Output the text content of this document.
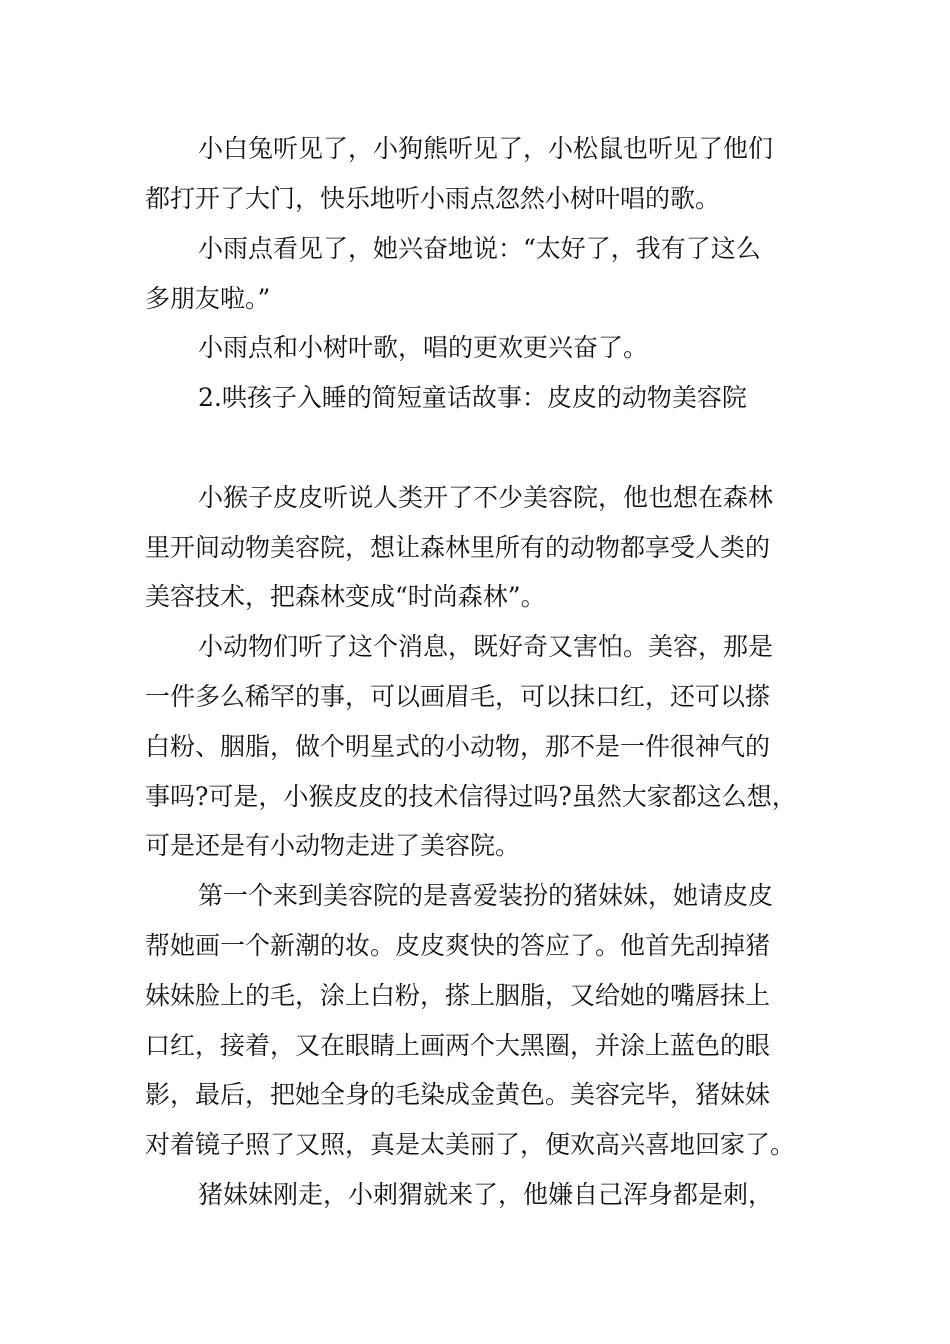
小白兔听见了，小狗熊听见了，小松鼠也听见了他们
都打开了大门，快乐地听小雨点忽然小树叶唱的歌。
小雨点看见了，她兴奋地说：“太好了，我有了这么
多朋友啦。”
小雨点和小树叶歌，唱的更欢更兴奋了。
2.哄孩子入睡的简短童话故事：皮皮的动物美容院
小猴子皮皮听说人类开了不少美容院，他也想在森林
里开间动物美容院，想让森林里所有的动物都享受人类的
美容技术，把森林变成“时尚森林”。
小动物们听了这个消息，既好奇又害怕。美容，那是
一件多么稀罕的事，可以画眉毛，可以抹口红，还可以搽
白粉、胭脂，做个明星式的小动物，那不是一件很神气的
事吗?可是，小猴皮皮的技术信得过吗?虽然大家都这么想，
可是还是有小动物走进了美容院。
第一个来到美容院的是喜爱装扮的猪妹妹，她请皮皮
帮她画一个新潮的妆。皮皮爽快的答应了。他首先刮掉猪
妹妹脸上的毛，涂上白粉，搽上胭脂，又给她的嘴唇抹上
口红，接着，又在眼睛上画两个大黑圈，并涂上蓝色的眼
影，最后，把她全身的毛染成金黄色。美容完毕，猪妹妹
对着镜子照了又照，真是太美丽了，便欢高兴喜地回家了。
猪妹妹刚走，小刺猬就来了，他嫌自己浑身都是刺，
